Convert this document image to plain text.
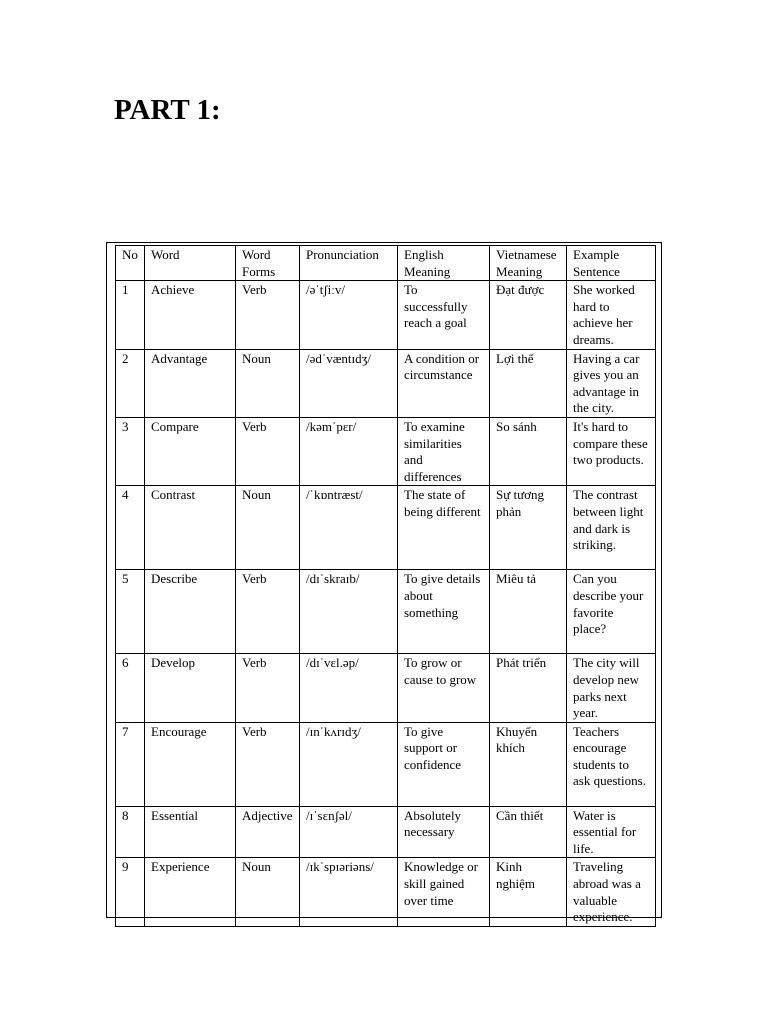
PART 1:
No	Word	Word Forms	Pronunciation	English Meaning	Vietnamese Meaning	Example Sentence
1	Achieve	Verb	/əˈtʃiːv/	To successfully reach a goal	Đạt được	She worked hard to achieve her dreams.
2	Advantage	Noun	/ədˈvæntɪdʒ/	A condition or circumstance	Lợi thế	Having a car gives you an advantage in the city.
3	Compare	Verb	/kəmˈpɛr/	To examine similarities and differences	So sánh	It's hard to compare these two products.
4	Contrast	Noun	/ˈkɒntræst/	The state of being different	Sự tương phản	The contrast between light and dark is striking.
5	Describe	Verb	/dɪˈskraɪb/	To give details about something	Miêu tả	Can you describe your favorite place?
6	Develop	Verb	/dɪˈvɛl.əp/	To grow or cause to grow	Phát triển	The city will develop new parks next year.
7	Encourage	Verb	/ɪnˈkʌrɪdʒ/	To give support or confidence	Khuyến khích	Teachers encourage students to ask questions.
8	Essential	Adjective	/ɪˈsɛnʃəl/	Absolutely necessary	Cần thiết	Water is essential for life.
9	Experience	Noun	/ɪkˈspɪəriəns/	Knowledge or skill gained over time	Kinh nghiệm	Traveling abroad was a valuable experience.
